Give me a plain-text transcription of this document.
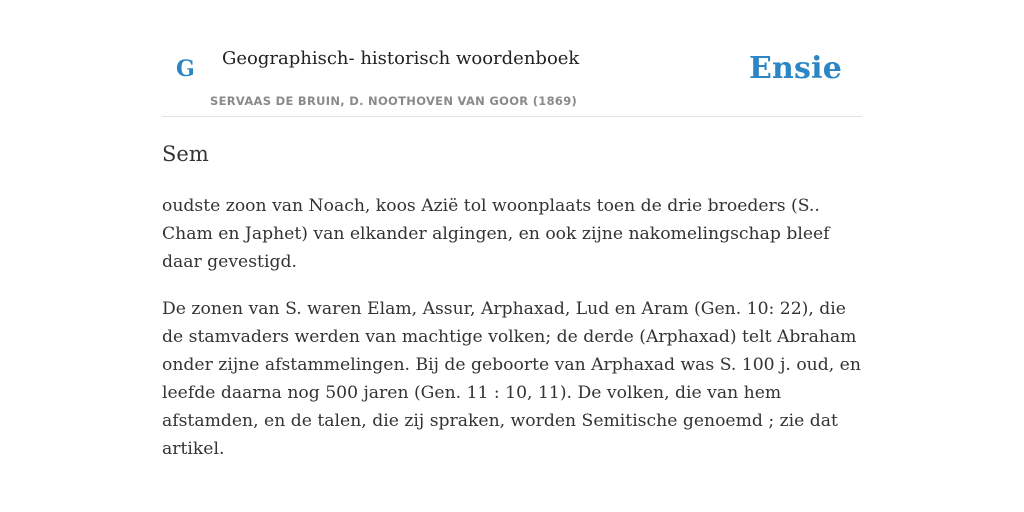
G Geographisch- historisch woordenboek
SERVAAS DE BRUIN, D. NOOTHOVEN VAN GOOR (1869)
Ensie
Sem

oudste zoon van Noach, koos Azië tol woonplaats toen de drie broeders (S.. Cham en Japhet) van elkander algingen, en ook zijne nakomelingschap bleef daar gevestigd.

De zonen van S. waren Elam, Assur, Arphaxad, Lud en Aram (Gen. 10: 22), die de stamvaders werden van machtige volken; de derde (Arphaxad) telt Abraham onder zijne afstammelingen. Bij de geboorte van Arphaxad was S. 100 j. oud, en leefde daarna nog 500 jaren (Gen. 11 : 10, 11). De volken, die van hem afstamden, en de talen, die zij spraken, worden Semitische genoemd ; zie dat artikel.
